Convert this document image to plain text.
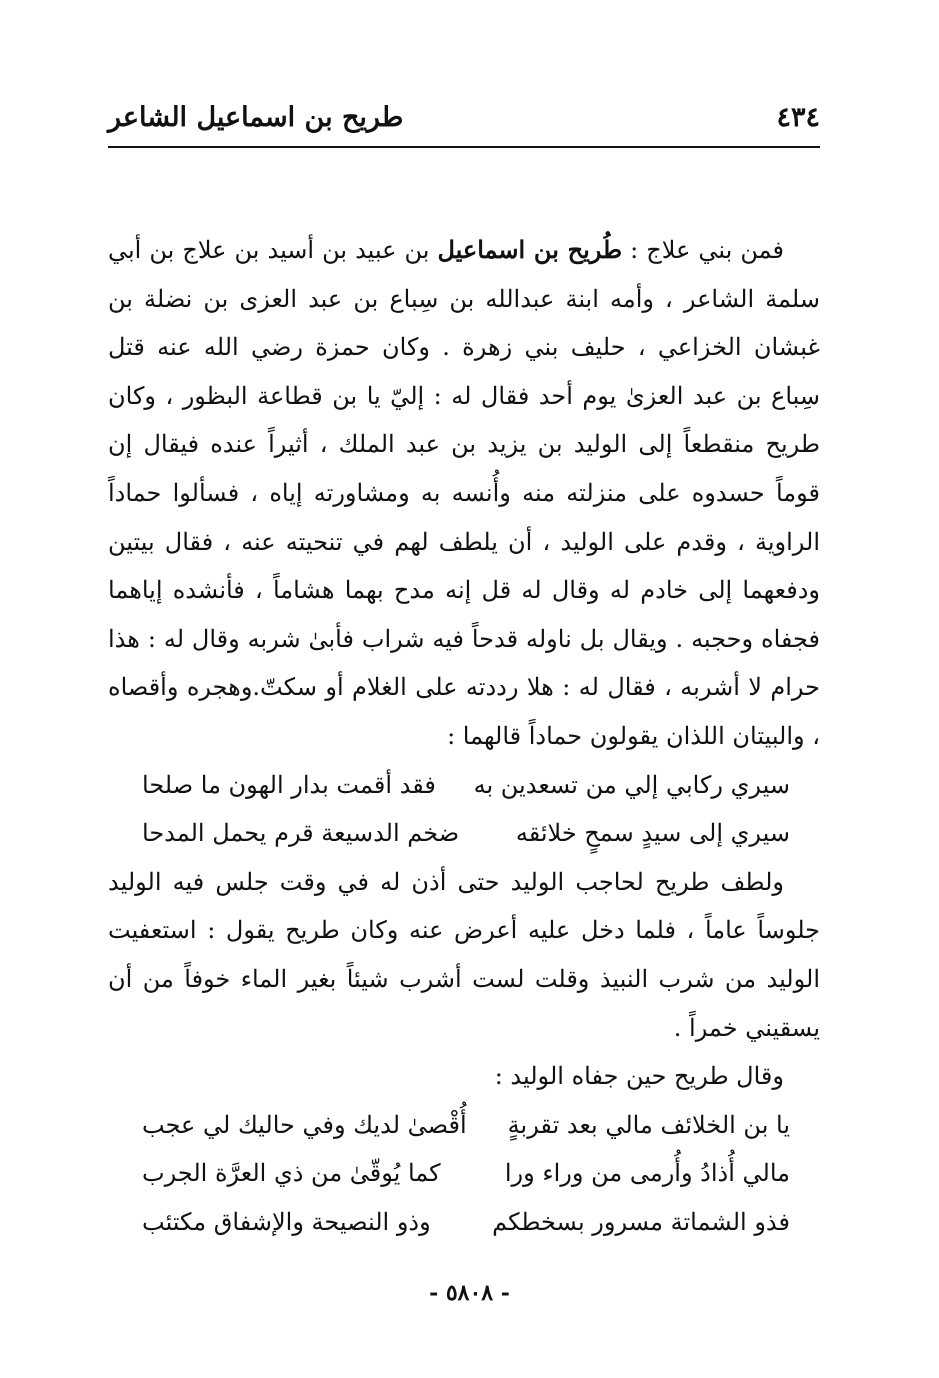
٤٣٤
طريح بن اسماعيل الشاعر

فمن بني علاج : طُريح بن اسماعيل بن عبيد بن أسيد بن علاج بن أبي سلمة الشاعر ، وأمه ابنة عبدالله بن سِباع بن عبد العزى بن نضلة بن غبشان الخزاعي ، حليف بني زهرة . وكان حمزة رضي الله عنه قتل سِباع بن عبد العزىٰ يوم أحد فقال له : إليّ يا بن قطاعة البظور ، وكان طريح منقطعاً إلى الوليد بن يزيد بن عبد الملك ، أثيراً عنده فيقال إن قوماً حسدوه على منزلته منه وأُنسه به ومشاورته إياه ، فسألوا حماداً الراوية ، وقدم على الوليد ، أن يلطف لهم في تنحيته عنه ، فقال بيتين ودفعهما إلى خادم له وقال له قل إنه مدح بهما هشاماً ، فأنشده إياهما فجفاه وحجبه . ويقال بل ناوله قدحاً فيه شراب فأبىٰ شربه وقال له : هذا حرام لا أشربه ، فقال له : هلا رددته على الغلام أو سكتّ.وهجره وأقصاه ، والبيتان اللذان يقولون حماداً قالهما :

سيري ركابي إلي من تسعدين به
فقد أقمت بدار الهون ما صلحا
سيري إلى سيدٍ سمحٍ خلائقه
ضخم الدسيعة قرم يحمل المدحا

ولطف طريح لحاجب الوليد حتى أذن له في وقت جلس فيه الوليد جلوساً عاماً ، فلما دخل عليه أعرض عنه وكان طريح يقول : استعفيت الوليد من شرب النبيذ وقلت لست أشرب شيئاً بغير الماء خوفاً من أن يسقيني خمراً .

وقال طريح حين جفاه الوليد :

يا بن الخلائف مالي بعد تقربةٍ
أُقْصىٰ لديك وفي حاليك لي عجب
مالي أُذادُ وأُرمى من وراء ورا
كما يُوقّىٰ من ذي العرَّة الجرب
فذو الشماتة مسرور بسخطكم
وذو النصيحة والإشفاق مكتئب
- ٥٨٠٨ -
